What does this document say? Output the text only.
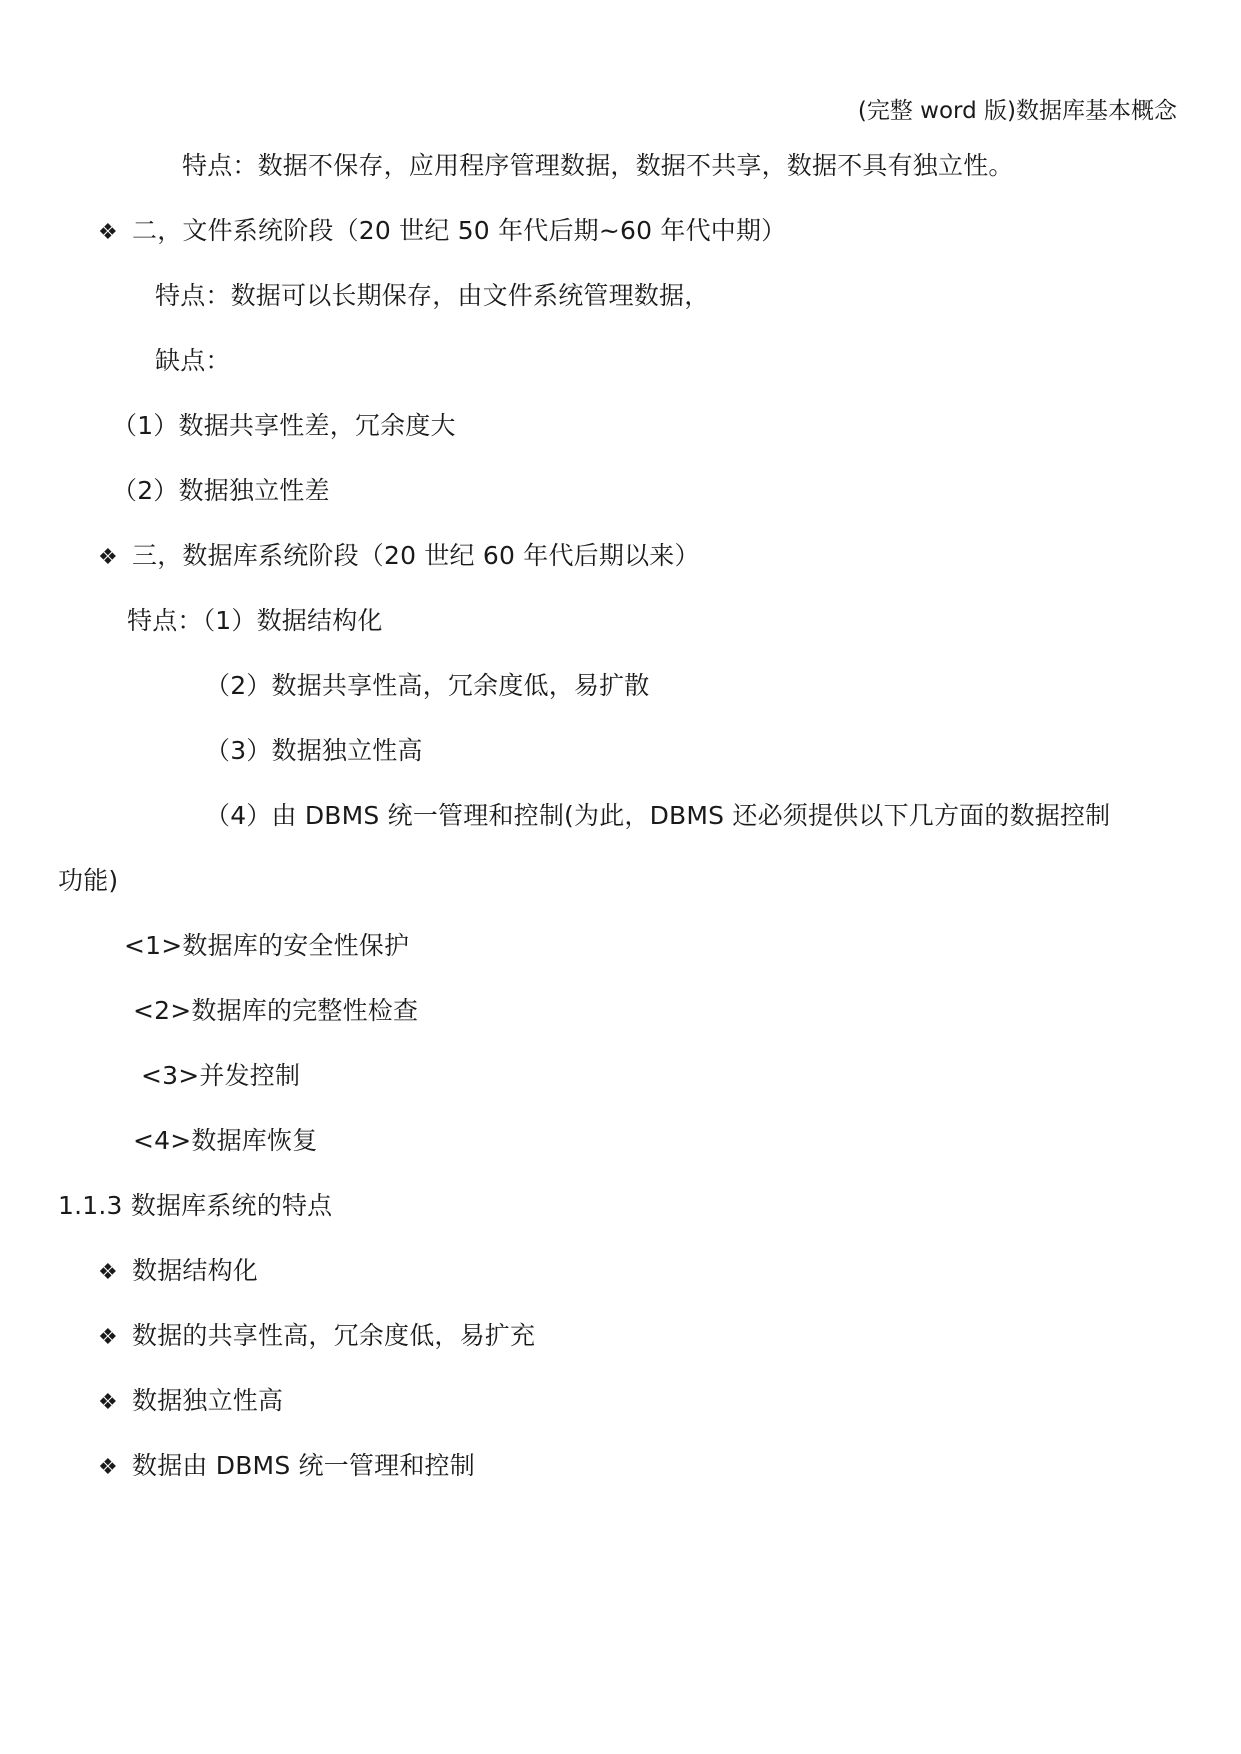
(完整 word 版)数据库基本概念
特点：数据不保存，应用程序管理数据，数据不共享，数据不具有独立性。
❖ 二，文件系统阶段（20 世纪 50 年代后期~60 年代中期）
特点：数据可以长期保存，由文件系统管理数据，
缺点：
（1）数据共享性差，冗余度大
（2）数据独立性差
❖ 三，数据库系统阶段（20 世纪 60 年代后期以来）
特点：（1）数据结构化
（2）数据共享性高，冗余度低，易扩散
（3）数据独立性高
（4）由 DBMS 统一管理和控制(为此，DBMS 还必须提供以下几方面的数据控制
功能)
<1>数据库的安全性保护
<2>数据库的完整性检查
<3>并发控制
<4>数据库恢复
1.1.3 数据库系统的特点
❖ 数据结构化
❖ 数据的共享性高，冗余度低，易扩充
❖ 数据独立性高
❖ 数据由 DBMS 统一管理和控制
